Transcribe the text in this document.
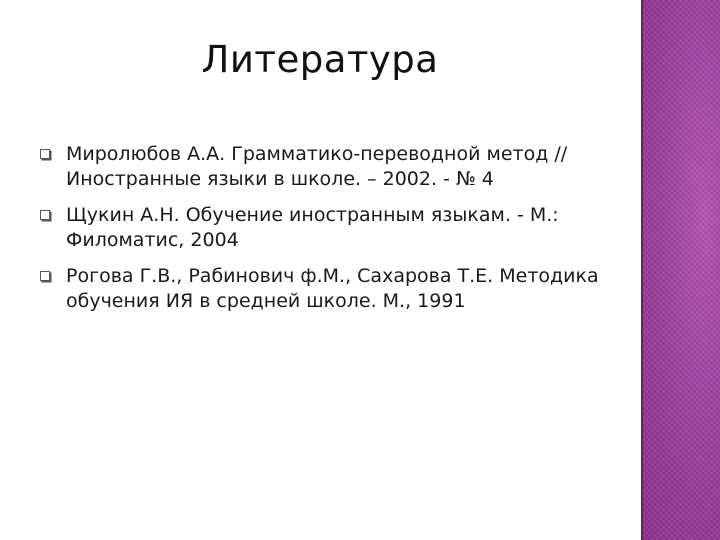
Литература
Миролюбов А.А. Грамматико-переводной метод // Иностранные языки в школе. – 2002. - № 4
Щукин А.Н. Обучение иностранным языкам. - М.: Филоматис, 2004
Рогова Г.В., Рабинович ф.М., Сахарова Т.Е. Методика обучения ИЯ в средней школе. М., 1991
